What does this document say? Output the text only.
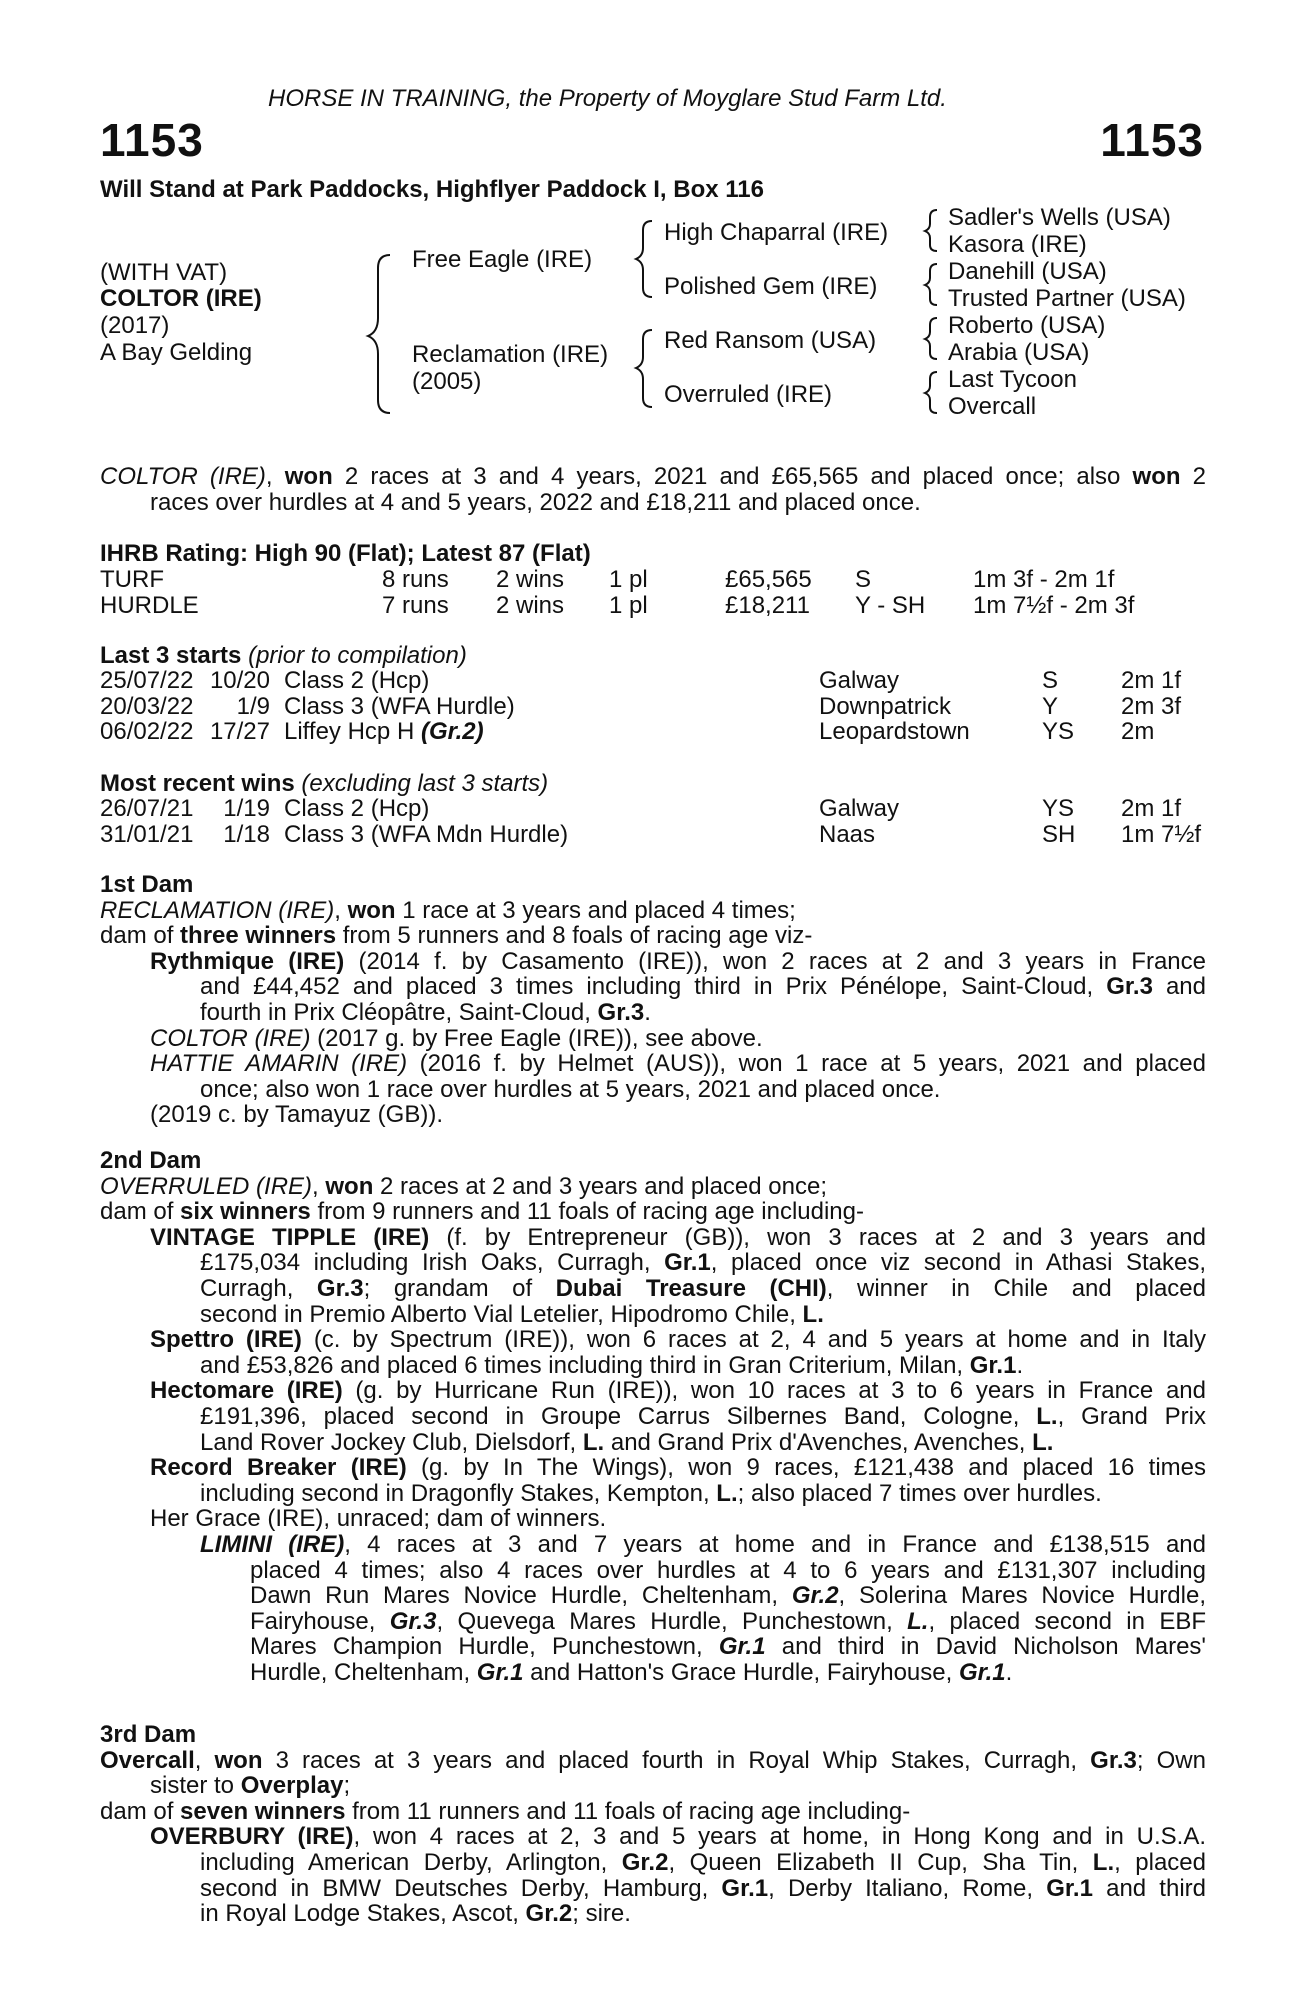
HORSE IN TRAINING, the Property of Moyglare Stud Farm Ltd.
1153	1153
Will Stand at Park Paddocks, Highflyer Paddock I, Box 116
(WITH VAT)
COLTOR (IRE)
(2017)
A Bay Gelding
Free Eagle (IRE)
Reclamation (IRE)
(2005)
High Chaparral (IRE)
Polished Gem (IRE)
Red Ransom (USA)
Overruled (IRE)
Sadler's Wells (USA)
Kasora (IRE)
Danehill (USA)
Trusted Partner (USA)
Roberto (USA)
Arabia (USA)
Last Tycoon
Overcall
COLTOR (IRE), won 2 races at 3 and 4 years, 2021 and £65,565 and placed once; also won 2
races over hurdles at 4 and 5 years, 2022 and £18,211 and placed once.
IHRB Rating: High 90 (Flat); Latest 87 (Flat)
TURF	8 runs	2 wins	1 pl	£65,565	S	1m 3f - 2m 1f
HURDLE	7 runs	2 wins	1 pl	£18,211	Y - SH	1m 7½f - 2m 3f
Last 3 starts (prior to compilation)
25/07/22	10/20	Class 2 (Hcp)	Galway	S	2m 1f
20/03/22	1/9	Class 3 (WFA Hurdle)	Downpatrick	Y	2m 3f
06/02/22	17/27	Liffey Hcp H (Gr.2)	Leopardstown	YS	2m
Most recent wins (excluding last 3 starts)
26/07/21	1/19	Class 2 (Hcp)	Galway	YS	2m 1f
31/01/21	1/18	Class 3 (WFA Mdn Hurdle)	Naas	SH	1m 7½f
1st Dam
RECLAMATION (IRE), won 1 race at 3 years and placed 4 times;
dam of three winners from 5 runners and 8 foals of racing age viz-
Rythmique (IRE) (2014 f. by Casamento (IRE)), won 2 races at 2 and 3 years in France
and £44,452 and placed 3 times including third in Prix Pénélope, Saint-Cloud, Gr.3 and
fourth in Prix Cléopâtre, Saint-Cloud, Gr.3.
COLTOR (IRE) (2017 g. by Free Eagle (IRE)), see above.
HATTIE AMARIN (IRE) (2016 f. by Helmet (AUS)), won 1 race at 5 years, 2021 and placed
once; also won 1 race over hurdles at 5 years, 2021 and placed once.
(2019 c. by Tamayuz (GB)).
2nd Dam
OVERRULED (IRE), won 2 races at 2 and 3 years and placed once;
dam of six winners from 9 runners and 11 foals of racing age including-
VINTAGE TIPPLE (IRE) (f. by Entrepreneur (GB)), won 3 races at 2 and 3 years and
£175,034 including Irish Oaks, Curragh, Gr.1, placed once viz second in Athasi Stakes,
Curragh, Gr.3; grandam of Dubai Treasure (CHI), winner in Chile and placed
second in Premio Alberto Vial Letelier, Hipodromo Chile, L.
Spettro (IRE) (c. by Spectrum (IRE)), won 6 races at 2, 4 and 5 years at home and in Italy
and £53,826 and placed 6 times including third in Gran Criterium, Milan, Gr.1.
Hectomare (IRE) (g. by Hurricane Run (IRE)), won 10 races at 3 to 6 years in France and
£191,396, placed second in Groupe Carrus Silbernes Band, Cologne, L., Grand Prix
Land Rover Jockey Club, Dielsdorf, L. and Grand Prix d'Avenches, Avenches, L.
Record Breaker (IRE) (g. by In The Wings), won 9 races, £121,438 and placed 16 times
including second in Dragonfly Stakes, Kempton, L.; also placed 7 times over hurdles.
Her Grace (IRE), unraced; dam of winners.
LIMINI (IRE), 4 races at 3 and 7 years at home and in France and £138,515 and
placed 4 times; also 4 races over hurdles at 4 to 6 years and £131,307 including
Dawn Run Mares Novice Hurdle, Cheltenham, Gr.2, Solerina Mares Novice Hurdle,
Fairyhouse, Gr.3, Quevega Mares Hurdle, Punchestown, L., placed second in EBF
Mares Champion Hurdle, Punchestown, Gr.1 and third in David Nicholson Mares'
Hurdle, Cheltenham, Gr.1 and Hatton's Grace Hurdle, Fairyhouse, Gr.1.
3rd Dam
Overcall, won 3 races at 3 years and placed fourth in Royal Whip Stakes, Curragh, Gr.3; Own
sister to Overplay;
dam of seven winners from 11 runners and 11 foals of racing age including-
OVERBURY (IRE), won 4 races at 2, 3 and 5 years at home, in Hong Kong and in U.S.A.
including American Derby, Arlington, Gr.2, Queen Elizabeth II Cup, Sha Tin, L., placed
second in BMW Deutsches Derby, Hamburg, Gr.1, Derby Italiano, Rome, Gr.1 and third
in Royal Lodge Stakes, Ascot, Gr.2; sire.
